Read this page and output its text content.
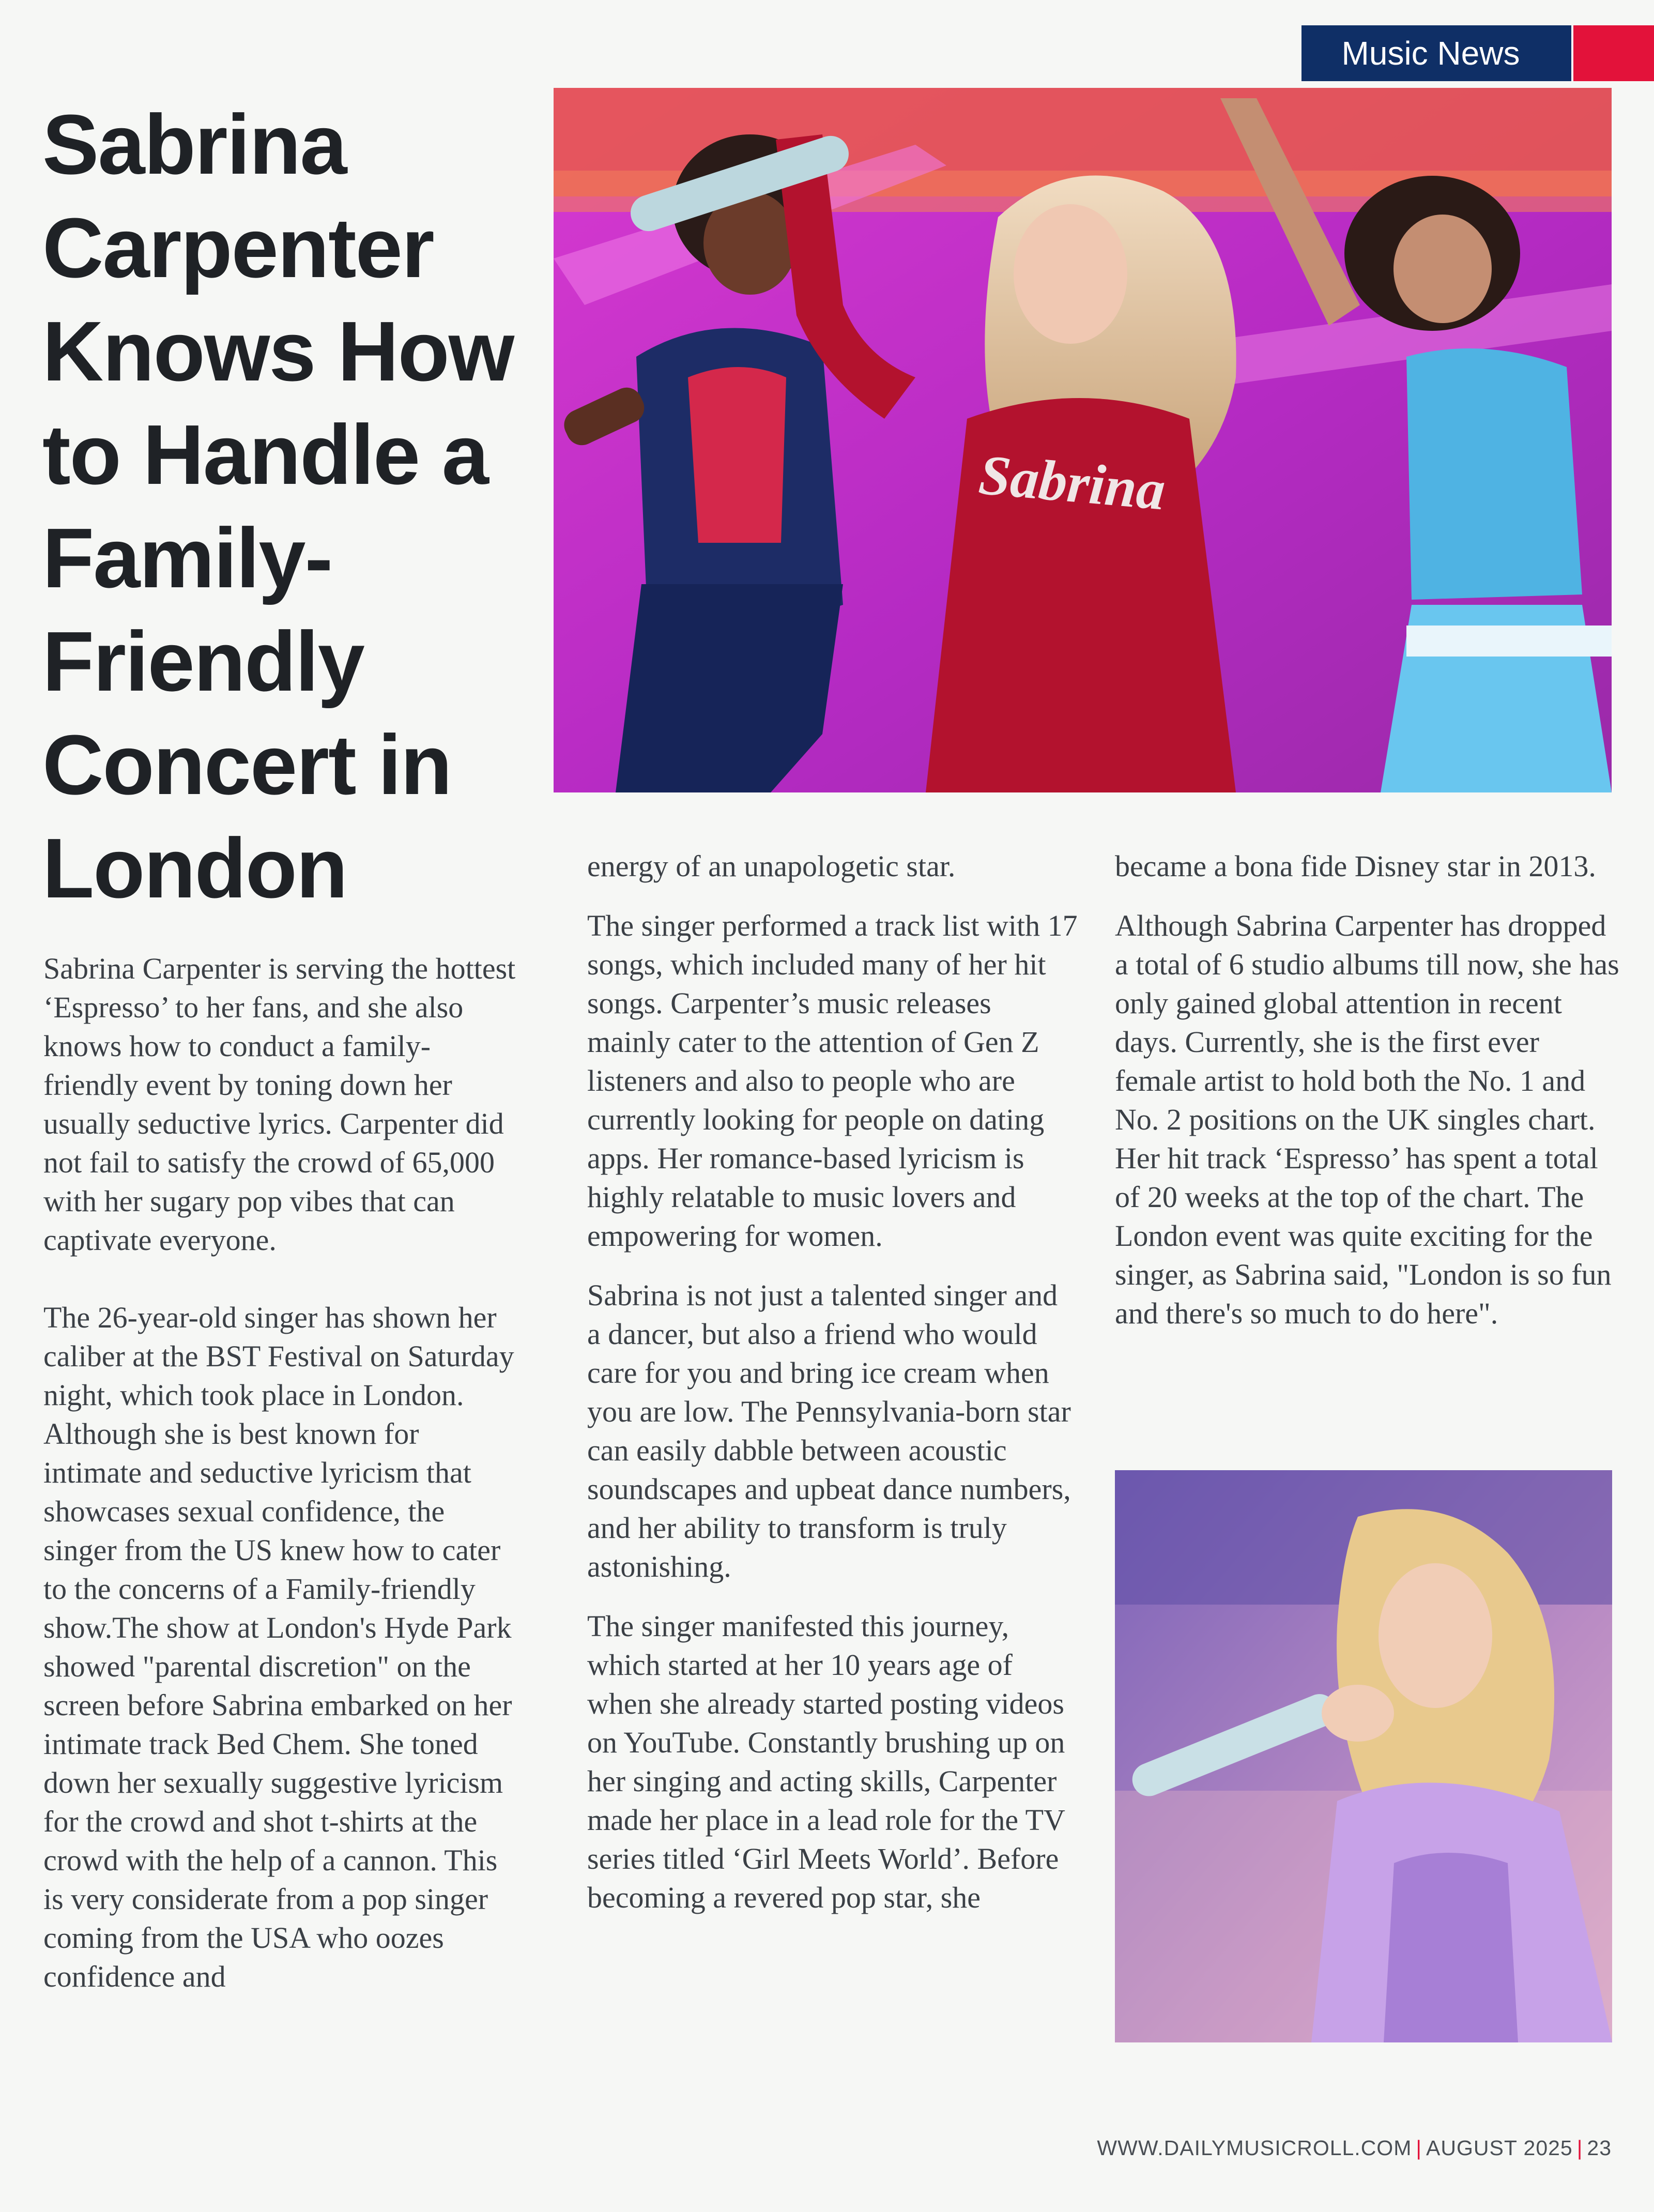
Music News
Sabrina Carpenter Knows How to Handle a Family-Friendly Concert in London
Sabrina

Sabrina Carpenter is serving the hottest ‘Espresso’ to her fans, and she also knows how to conduct a family-friendly event by toning down her usually seductive lyrics. Carpenter did not fail to satisfy the crowd of 65,000 with her sugary pop vibes that can captivate everyone.

The 26-year-old singer has shown her caliber at the BST Festival on Saturday night, which took place in London. Although she is best known for intimate and seductive lyricism that showcases sexual confidence, the singer from the US knew how to cater to the concerns of a Family-friendly show.The show at London's Hyde Park showed "parental discretion" on the screen before Sabrina embarked on her intimate track Bed Chem. She toned down her sexually suggestive lyricism for the crowd and shot t-shirts at the crowd with the help of a cannon. This is very considerate from a pop singer coming from the USA who oozes confidence and

energy of an unapologetic star.

The singer performed a track list with 17 songs, which included many of her hit songs. Carpenter’s music releases mainly cater to the attention of Gen Z listeners and also to people who are currently looking for people on dating apps. Her romance-based lyricism is highly relatable to music lovers and empowering for women.

Sabrina is not just a talented singer and a dancer, but also a friend who would care for you and bring ice cream when you are low. The Pennsylvania-born star can easily dabble between acoustic soundscapes and upbeat dance numbers, and her ability to transform is truly astonishing.

The singer manifested this journey, which started at her 10 years age of when she already started posting videos on YouTube. Constantly brushing up on her singing and acting skills, Carpenter made her place in a lead role for the TV series titled ‘Girl Meets World’. Before becoming a revered pop star, she

became a bona fide Disney star in 2013.

Although Sabrina Carpenter has dropped a total of 6 studio albums till now, she has only gained global attention in recent days. Currently, she is the first ever female artist to hold both the No. 1 and No. 2 positions on the UK singles chart. Her hit track ‘Espresso’ has spent a total of 20 weeks at the top of the chart. The London event was quite exciting for the singer, as Sabrina said, "London is so fun and there's so much to do here".

WWW.DAILYMUSICROLL.COM | AUGUST 2025 | 23
